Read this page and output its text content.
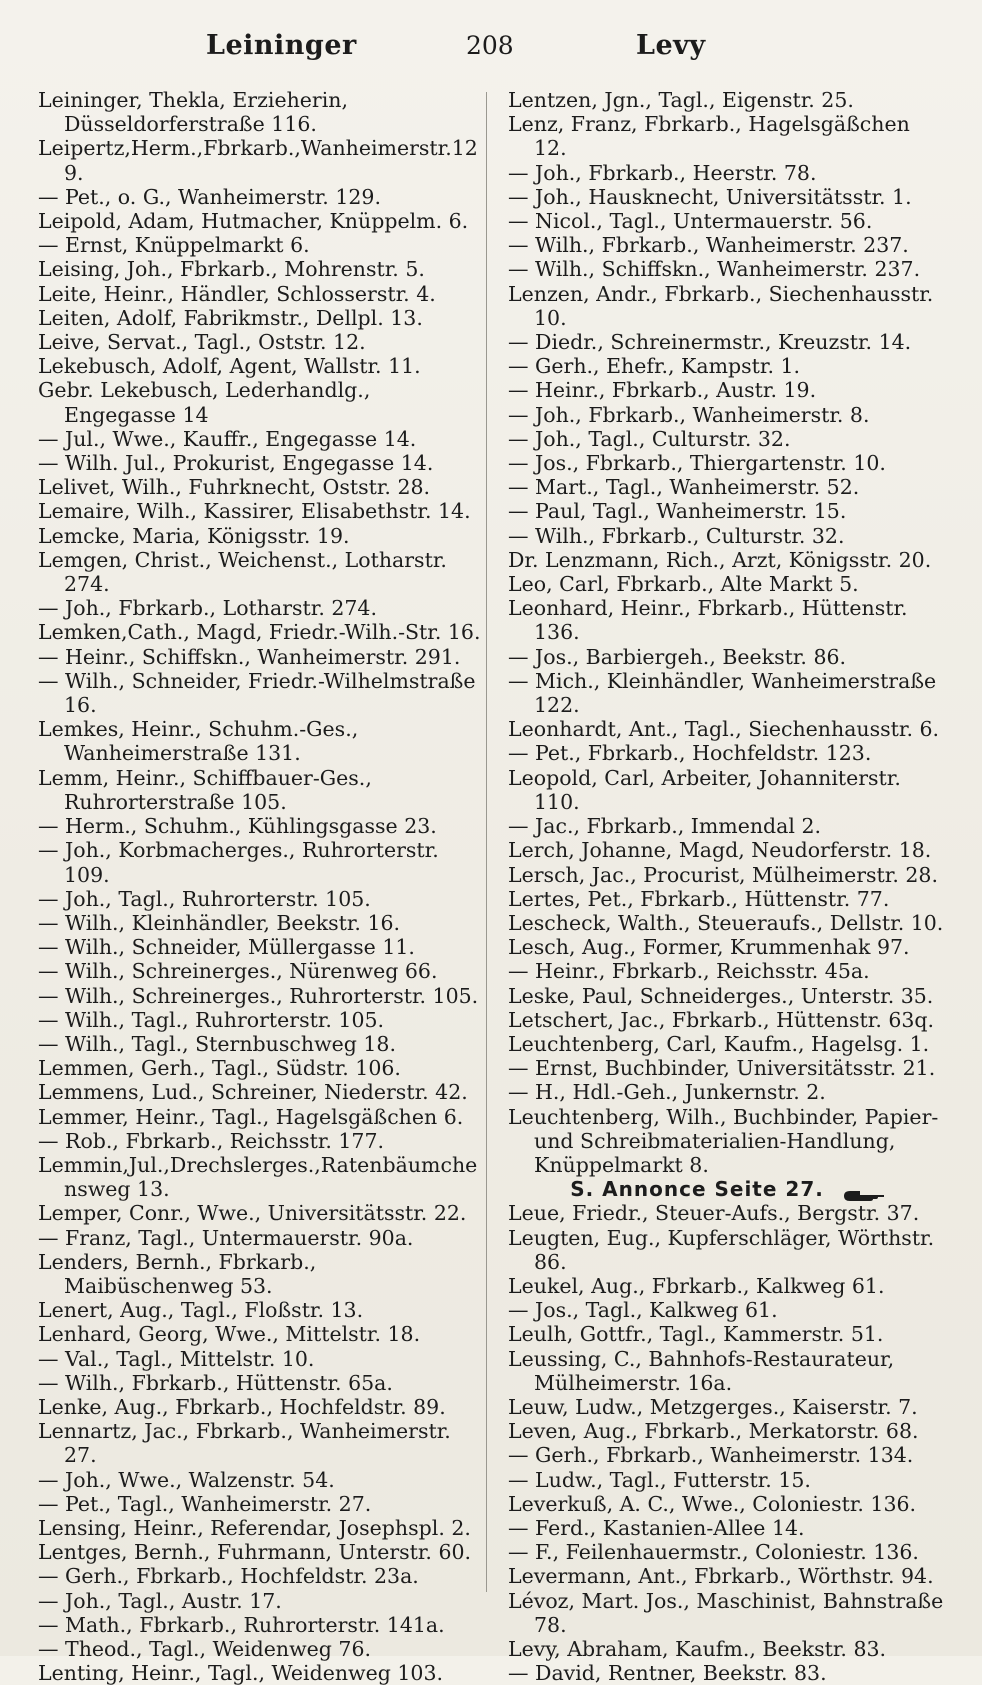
Leininger	208	Levy
Leininger, Thekla, Erzieherin, Düsseldorferstraße 116.
Leipertz,Herm.,Fbrkarb.,Wanheimerstr.129.
— Pet., o. G., Wanheimerstr. 129.
Leipold, Adam, Hutmacher, Knüppelm. 6.
— Ernst, Knüppelmarkt 6.
Leising, Joh., Fbrkarb., Mohrenstr. 5.
Leite, Heinr., Händler, Schlosserstr. 4.
Leiten, Adolf, Fabrikmstr., Dellpl. 13.
Leive, Servat., Tagl., Oststr. 12.
Lekebusch, Adolf, Agent, Wallstr. 11.
Gebr. Lekebusch, Lederhandlg., Engegasse 14
— Jul., Wwe., Kauffr., Engegasse 14.
— Wilh. Jul., Prokurist, Engegasse 14.
Lelivet, Wilh., Fuhrknecht, Oststr. 28.
Lemaire, Wilh., Kassirer, Elisabethstr. 14.
Lemcke, Maria, Königsstr. 19.
Lemgen, Christ., Weichenst., Lotharstr. 274.
— Joh., Fbrkarb., Lotharstr. 274.
Lemken,Cath., Magd, Friedr.-Wilh.-Str. 16.
— Heinr., Schiffskn., Wanheimerstr. 291.
— Wilh., Schneider, Friedr.-Wilhelmstraße 16.
Lemkes, Heinr., Schuhm.-Ges., Wanheimerstraße 131.
Lemm, Heinr., Schiffbauer-Ges., Ruhrorterstraße 105.
— Herm., Schuhm., Kühlingsgasse 23.
— Joh., Korbmacherges., Ruhrorterstr. 109.
— Joh., Tagl., Ruhrorterstr. 105.
— Wilh., Kleinhändler, Beekstr. 16.
— Wilh., Schneider, Müllergasse 11.
— Wilh., Schreinerges., Nürenweg 66.
— Wilh., Schreinerges., Ruhrorterstr. 105.
— Wilh., Tagl., Ruhrorterstr. 105.
— Wilh., Tagl., Sternbuschweg 18.
Lemmen, Gerh., Tagl., Südstr. 106.
Lemmens, Lud., Schreiner, Niederstr. 42.
Lemmer, Heinr., Tagl., Hagelsgäßchen 6.
— Rob., Fbrkarb., Reichsstr. 177.
Lemmin,Jul.,Drechslerges.,Ratenbäumchensweg 13.
Lemper, Conr., Wwe., Universitätsstr. 22.
— Franz, Tagl., Untermauerstr. 90a.
Lenders, Bernh., Fbrkarb., Maibüschenweg 53.
Lenert, Aug., Tagl., Floßstr. 13.
Lenhard, Georg, Wwe., Mittelstr. 18.
— Val., Tagl., Mittelstr. 10.
— Wilh., Fbrkarb., Hüttenstr. 65a.
Lenke, Aug., Fbrkarb., Hochfeldstr. 89.
Lennartz, Jac., Fbrkarb., Wanheimerstr. 27.
— Joh., Wwe., Walzenstr. 54.
— Pet., Tagl., Wanheimerstr. 27.
Lensing, Heinr., Referendar, Josephspl. 2.
Lentges, Bernh., Fuhrmann, Unterstr. 60.
— Gerh., Fbrkarb., Hochfeldstr. 23a.
— Joh., Tagl., Austr. 17.
— Math., Fbrkarb., Ruhrorterstr. 141a.
— Theod., Tagl., Weidenweg 76.
Lenting, Heinr., Tagl., Weidenweg 103.
Lentzen, Jgn., Tagl., Eigenstr. 25.
Lenz, Franz, Fbrkarb., Hagelsgäßchen 12.
— Joh., Fbrkarb., Heerstr. 78.
— Joh., Hausknecht, Universitätsstr. 1.
— Nicol., Tagl., Untermauerstr. 56.
— Wilh., Fbrkarb., Wanheimerstr. 237.
— Wilh., Schiffskn., Wanheimerstr. 237.
Lenzen, Andr., Fbrkarb., Siechenhausstr. 10.
— Diedr., Schreinermstr., Kreuzstr. 14.
— Gerh., Ehefr., Kampstr. 1.
— Heinr., Fbrkarb., Austr. 19.
— Joh., Fbrkarb., Wanheimerstr. 8.
— Joh., Tagl., Culturstr. 32.
— Jos., Fbrkarb., Thiergartenstr. 10.
— Mart., Tagl., Wanheimerstr. 52.
— Paul, Tagl., Wanheimerstr. 15.
— Wilh., Fbrkarb., Culturstr. 32.
Dr. Lenzmann, Rich., Arzt, Königsstr. 20.
Leo, Carl, Fbrkarb., Alte Markt 5.
Leonhard, Heinr., Fbrkarb., Hüttenstr. 136.
— Jos., Barbiergeh., Beekstr. 86.
— Mich., Kleinhändler, Wanheimerstraße 122.
Leonhardt, Ant., Tagl., Siechenhausstr. 6.
— Pet., Fbrkarb., Hochfeldstr. 123.
Leopold, Carl, Arbeiter, Johanniterstr. 110.
— Jac., Fbrkarb., Immendal 2.
Lerch, Johanne, Magd, Neudorferstr. 18.
Lersch, Jac., Procurist, Mülheimerstr. 28.
Lertes, Pet., Fbrkarb., Hüttenstr. 77.
Lescheck, Walth., Steueraufs., Dellstr. 10.
Lesch, Aug., Former, Krummenhak 97.
— Heinr., Fbrkarb., Reichsstr. 45a.
Leske, Paul, Schneiderges., Unterstr. 35.
Letschert, Jac., Fbrkarb., Hüttenstr. 63q.
Leuchtenberg, Carl, Kaufm., Hagelsg. 1.
— Ernst, Buchbinder, Universitätsstr. 21.
— H., Hdl.-Geh., Junkernstr. 2.
Leuchtenberg, Wilh., Buchbinder, Papier- und Schreibmaterialien-Handlung, Knüppelmarkt 8.
S. Annonce Seite 27.
Leue, Friedr., Steuer-Aufs., Bergstr. 37.
Leugten, Eug., Kupferschläger, Wörthstr. 86.
Leukel, Aug., Fbrkarb., Kalkweg 61.
— Jos., Tagl., Kalkweg 61.
Leulh, Gottfr., Tagl., Kammerstr. 51.
Leussing, C., Bahnhofs-Restaurateur, Mülheimerstr. 16a.
Leuw, Ludw., Metzgerges., Kaiserstr. 7.
Leven, Aug., Fbrkarb., Merkatorstr. 68.
— Gerh., Fbrkarb., Wanheimerstr. 134.
— Ludw., Tagl., Futterstr. 15.
Leverkuß, A. C., Wwe., Coloniestr. 136.
— Ferd., Kastanien-Allee 14.
— F., Feilenhauermstr., Coloniestr. 136.
Levermann, Ant., Fbrkarb., Wörthstr. 94.
Lévoz, Mart. Jos., Maschinist, Bahnstraße 78.
Levy, Abraham, Kaufm., Beekstr. 83.
— David, Rentner, Beekstr. 83.
